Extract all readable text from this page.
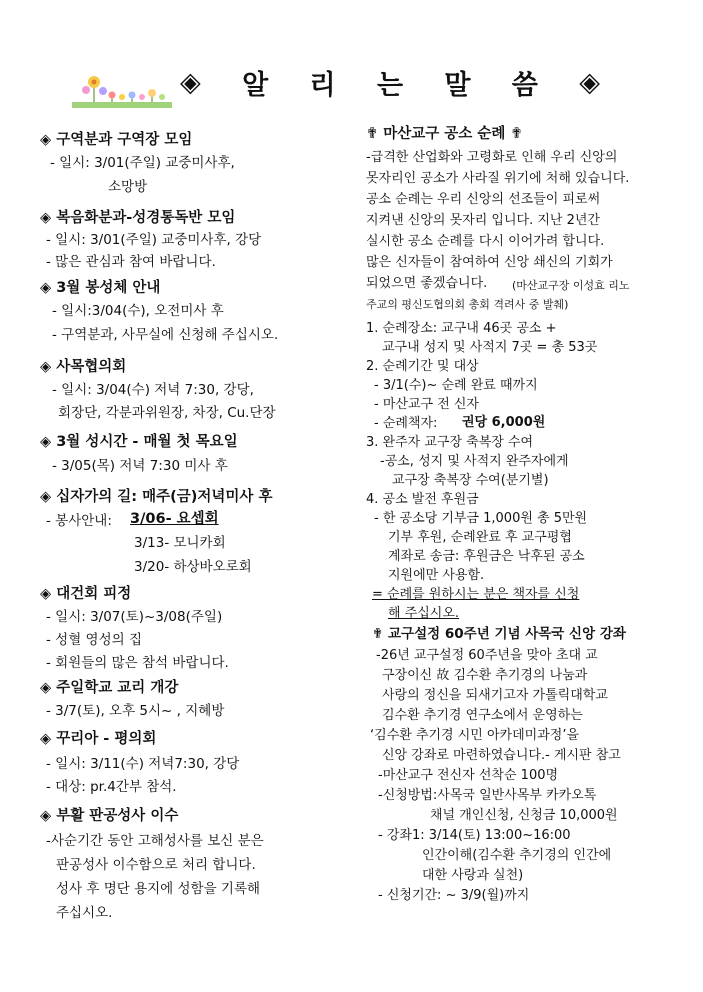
◈ 알 리 는 말 씀 ◈
◈ 구역분과 구역장 모임
- 일시: 3/01(주일) 교중미사후,
소망방
◈ 복음화분과-성경통독반 모임
- 일시: 3/01(주일) 교중미사후, 강당
- 많은 관심과 참여 바랍니다.
◈ 3월 봉성체 안내
- 일시:3/04(수), 오전미사 후
- 구역분과, 사무실에 신청해 주십시오.
◈ 사목협의회
- 일시: 3/04(수) 저녁 7:30, 강당,
회장단, 각분과위원장, 차장, Cu.단장
◈ 3월 성시간 - 매월 첫 목요일
- 3/05(목) 저녁 7:30 미사 후
◈ 십자가의 길: 매주(금)저녁미사 후
- 봉사안내: 3/06- 요셉회
3/13- 모니카회
3/20- 하상바오로회
◈ 대건회 피정
- 일시: 3/07(토)~3/08(주일)
- 성혈 영성의 집
- 회원들의 많은 참석 바랍니다.
◈ 주일학교 교리 개강
- 3/7(토), 오후 5시~ , 지혜방
◈ 꾸리아 - 평의회
- 일시: 3/11(수) 저녁7:30, 강당
- 대상: pr.4간부 참석.
◈ 부활 판공성사 이수
-사순기간 동안 고해성사를 보신 분은
판공성사 이수함으로 처리 합니다.
성사 후 명단 용지에 성함을 기록해
주십시오.
✟ 마산교구 공소 순례 ✟
-급격한 산업화와 고령화로 인해 우리 신앙의
못자리인 공소가 사라질 위기에 처해 있습니다.
공소 순례는 우리 신앙의 선조들이 피로써
지켜낸 신앙의 못자리 입니다. 지난 2년간
실시한 공소 순례를 다시 이어가려 합니다.
많은 신자들이 참여하여 신앙 쇄신의 기회가
되었으면 좋겠습니다. (마산교구장 이성효 리노
주교의 평신도협의회 총회 격려사 중 발췌)
1. 순례장소: 교구내 46곳 공소 +
교구내 성지 및 사적지 7곳 = 총 53곳
2. 순례기간 및 대상
- 3/1(수)~ 순례 완료 때까지
- 마산교구 전 신자
- 순례책자: 권당 6,000원
3. 완주자 교구장 축복장 수여
-공소, 성지 및 사적지 완주자에게
교구장 축복장 수여(분기별)
4. 공소 발전 후원금
- 한 공소당 기부금 1,000원 총 5만원
기부 후원, 순례완료 후 교구평협
계좌로 송금: 후원금은 낙후된 공소
지원에만 사용함.
= 순례를 원하시는 분은 책자를 신청
해 주십시오.
✟ 교구설정 60주년 기념 사목국 신앙 강좌
-26년 교구설정 60주년을 맞아 초대 교
구장이신 故 김수환 추기경의 나눔과
사랑의 정신을 되새기고자 가톨릭대학교
김수환 추기경 연구소에서 운영하는
‘김수환 추기경 시민 아카데미과정’을
신앙 강좌로 마련하였습니다.- 게시판 참고
-마산교구 전신자 선착순 100명
-신청방법:사목국 일반사목부 카카오톡
채널 개인신청, 신청금 10,000원
- 강좌1: 3/14(토) 13:00~16:00
인간이해(김수환 추기경의 인간에
대한 사랑과 실천)
- 신청기간: ~ 3/9(월)까지
